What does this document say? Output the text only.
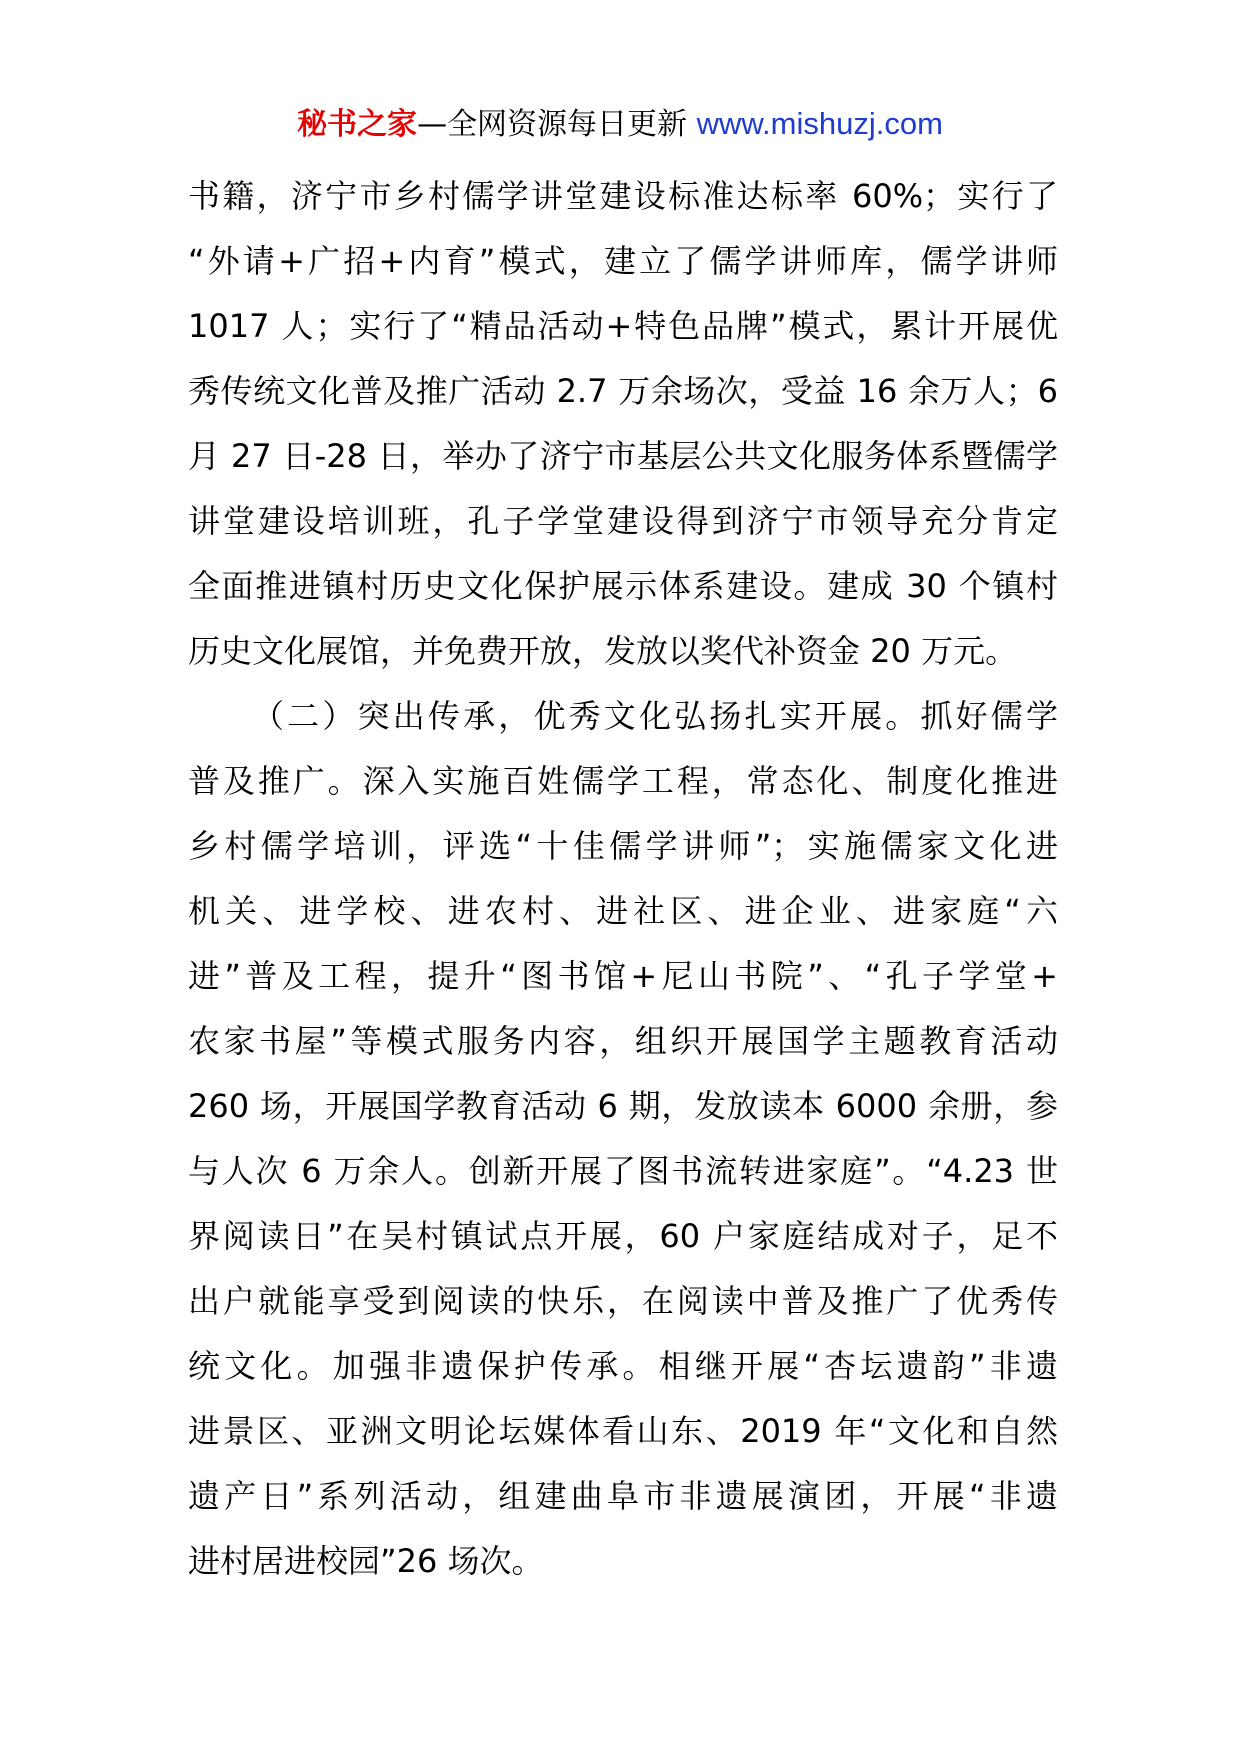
秘书之家—全网资源每日更新 www.mishuzj.com
书籍，济宁市乡村儒学讲堂建设标准达标率 60%；实行了
“外请+广招+内育”模式，建立了儒学讲师库，儒学讲师
1017 人；实行了“精品活动+特色品牌”模式，累计开展优
秀传统文化普及推广活动 2.7 万余场次，受益 16 余万人；6
月 27 日-28 日，举办了济宁市基层公共文化服务体系暨儒学
讲堂建设培训班，孔子学堂建设得到济宁市领导充分肯定
全面推进镇村历史文化保护展示体系建设。建成 30 个镇村
历史文化展馆，并免费开放，发放以奖代补资金 20 万元。
（二）突出传承，优秀文化弘扬扎实开展。抓好儒学
普及推广。深入实施百姓儒学工程，常态化、制度化推进
乡村儒学培训，评选“十佳儒学讲师”；实施儒家文化进
机关、进学校、进农村、进社区、进企业、进家庭“六
进”普及工程，提升“图书馆+尼山书院”、“孔子学堂+
农家书屋”等模式服务内容，组织开展国学主题教育活动
260 场，开展国学教育活动 6 期，发放读本 6000 余册，参
与人次 6 万余人。创新开展了图书流转进家庭”。“4.23 世
界阅读日”在吴村镇试点开展，60 户家庭结成对子，足不
出户就能享受到阅读的快乐，在阅读中普及推广了优秀传
统文化。加强非遗保护传承。相继开展“杏坛遗韵”非遗
进景区、亚洲文明论坛媒体看山东、2019 年“文化和自然
遗产日”系列活动，组建曲阜市非遗展演团，开展“非遗
进村居进校园”26 场次。
